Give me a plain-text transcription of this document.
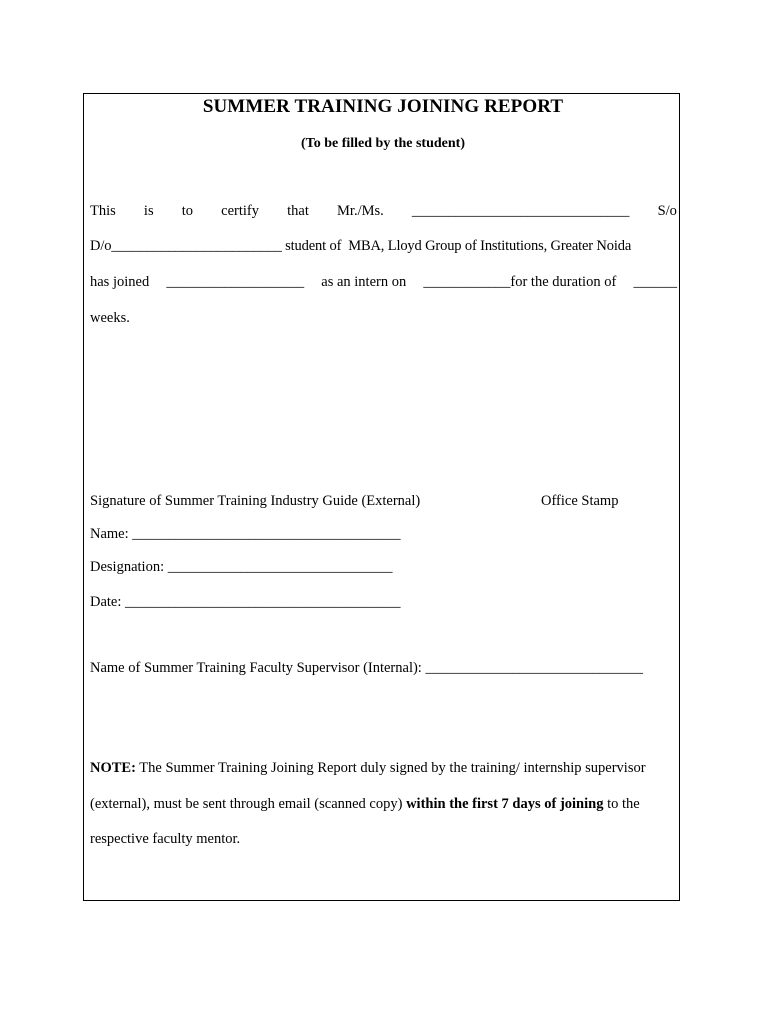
SUMMER TRAINING JOINING REPORT
(To be filled by the student)
This is to certify that Mr./Ms. ______________________________ S/o
D/o________________________ student of  MBA, Lloyd Group of Institutions, Greater Noida
has joined ___________________ as an intern on ____________for the duration of ______
weeks.
Signature of Summer Training Industry Guide (External)	Office Stamp
Name: _____________________________________
Designation: _______________________________
Date: ______________________________________
Name of Summer Training Faculty Supervisor (Internal): ______________________________
NOTE: The Summer Training Joining Report duly signed by the training/ internship supervisor
(external), must be sent through email (scanned copy) within the first 7 days of joining to the
respective faculty mentor.
